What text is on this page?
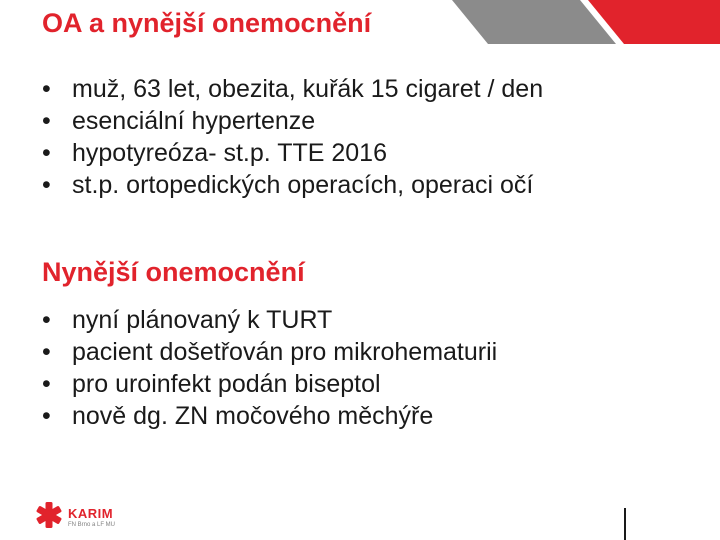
OA a nynější onemocnění
• muž, 63 let, obezita, kuřák 15 cigaret / den
• esenciální hypertenze
• hypotyreóza- st.p. TTE 2016
• st.p. ortopedických operacích, operaci očí
Nynější onemocnění
• nyní plánovaný k TURT
• pacient došetřován pro mikrohematurii
• pro uroinfekt podán biseptol
• nově dg. ZN močového měchýře
KARIM
FN Brno a LF MU
